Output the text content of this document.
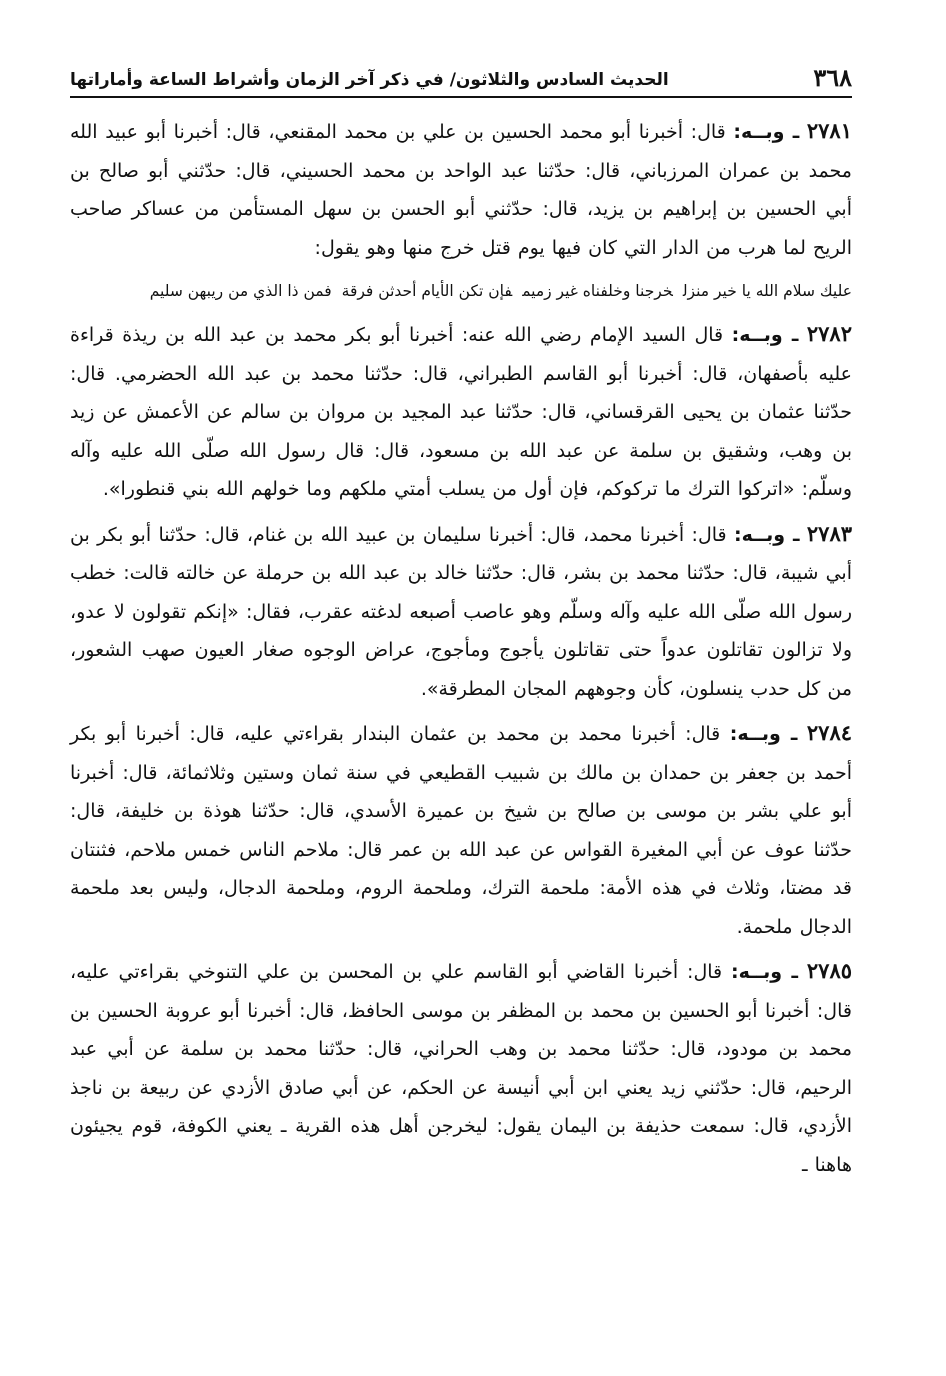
٣٦٨
الحديث السادس والثلاثون/ في ذكر آخر الزمان وأشراط الساعة وأماراتها

٢٧٨١ ـ وبــه: قال: أخبرنا أبو محمد الحسين بن علي بن محمد المقنعي، قال: أخبرنا أبو عبيد الله محمد بن عمران المرزباني، قال: حدّثنا عبد الواحد بن محمد الحسيني، قال: حدّثني أبو صالح بن أبي الحسين بن إبراهيم بن يزيد، قال: حدّثني أبو الحسن بن سهل المستأمن من عساكر صاحب الريح لما هرب من الدار التي كان فيها يوم قتل خرج منها وهو يقول:

عليك سلام الله يا خير منزلخرجنا وخلفناه غير زميمفإن تكن الأيام أحدثن فرقةفمن ذا الذي من ريبهن سليم

٢٧٨٢ ـ وبــه: قال السيد الإمام رضي الله عنه: أخبرنا أبو بكر محمد بن عبد الله بن ريذة قراءة عليه بأصفهان، قال: أخبرنا أبو القاسم الطبراني، قال: حدّثنا محمد بن عبد الله الحضرمي. قال: حدّثنا عثمان بن يحيى القرقساني، قال: حدّثنا عبد المجيد بن مروان بن سالم عن الأعمش عن زيد بن وهب، وشقيق بن سلمة عن عبد الله بن مسعود، قال: قال رسول الله صلّى الله عليه وآله وسلّم: «اتركوا الترك ما تركوكم، فإن أول من يسلب أمتي ملكهم وما خولهم الله بني قنطورا».

٢٧٨٣ ـ وبــه: قال: أخبرنا محمد، قال: أخبرنا سليمان بن عبيد الله بن غنام، قال: حدّثنا أبو بكر بن أبي شيبة، قال: حدّثنا محمد بن بشر، قال: حدّثنا خالد بن عبد الله بن حرملة عن خالته قالت: خطب رسول الله صلّى الله عليه وآله وسلّم وهو عاصب أصبعه لدغته عقرب، فقال: «إنكم تقولون لا عدو، ولا تزالون تقاتلون عدواً حتى تقاتلون يأجوج ومأجوج، عراض الوجوه صغار العيون صهب الشعور، من كل حدب ينسلون، كأن وجوههم المجان المطرقة».

٢٧٨٤ ـ وبــه: قال: أخبرنا محمد بن محمد بن عثمان البندار بقراءتي عليه، قال: أخبرنا أبو بكر أحمد بن جعفر بن حمدان بن مالك بن شبيب القطيعي في سنة ثمان وستين وثلاثمائة، قال: أخبرنا أبو علي بشر بن موسى بن صالح بن شيخ بن عميرة الأسدي، قال: حدّثنا هوذة بن خليفة، قال: حدّثنا عوف عن أبي المغيرة القواس عن عبد الله بن عمر قال: ملاحم الناس خمس ملاحم، فثنتان قد مضتا، وثلاث في هذه الأمة: ملحمة الترك، وملحمة الروم، وملحمة الدجال، وليس بعد ملحمة الدجال ملحمة.

٢٧٨٥ ـ وبــه: قال: أخبرنا القاضي أبو القاسم علي بن المحسن بن علي التنوخي بقراءتي عليه، قال: أخبرنا أبو الحسين بن محمد بن المظفر بن موسى الحافظ، قال: أخبرنا أبو عروبة الحسين بن محمد بن مودود، قال: حدّثنا محمد بن وهب الحراني، قال: حدّثنا محمد بن سلمة عن أبي عبد الرحيم، قال: حدّثني زيد يعني ابن أبي أنيسة عن الحكم، عن أبي صادق الأزدي عن ربيعة بن ناجذ الأزدي، قال: سمعت حذيفة بن اليمان يقول: ليخرجن أهل هذه القرية ـ يعني الكوفة، قوم يجيئون هاهنا ـ
